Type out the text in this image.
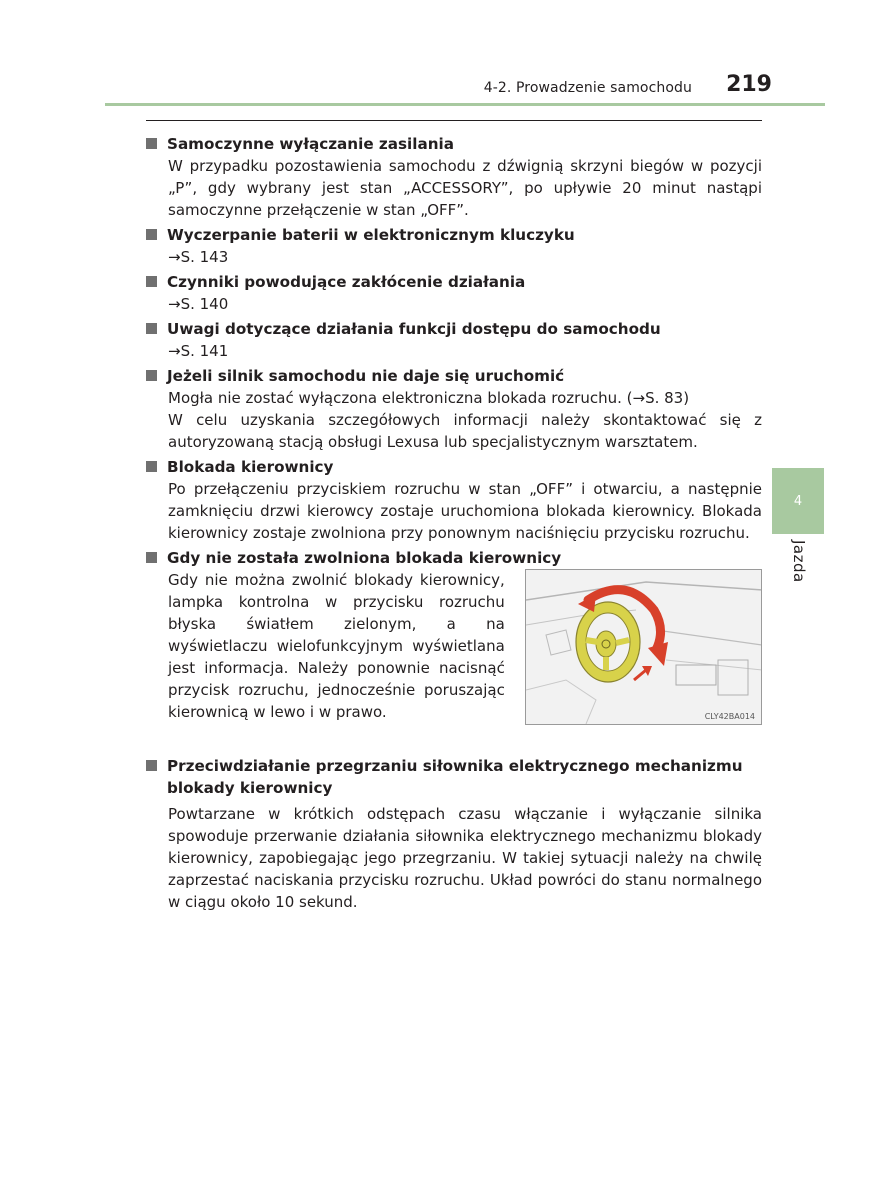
4-2. Prowadzenie samochodu 219
Samoczynne wyłączanie zasilania
W przypadku pozostawienia samochodu z dźwignią skrzyni biegów w pozycji „P”, gdy wybrany jest stan „ACCESSORY”, po upływie 20 minut nastąpi samoczynne przełączenie w stan „OFF”.
Wyczerpanie baterii w elektronicznym kluczyku
→S. 143
Czynniki powodujące zakłócenie działania
→S. 140
Uwagi dotyczące działania funkcji dostępu do samochodu
→S. 141
Jeżeli silnik samochodu nie daje się uruchomić

Mogła nie zostać wyłączona elektroniczna blokada rozruchu. (→S. 83)

W celu uzyskania szczegółowych informacji należy skontaktować się z autoryzowaną stacją obsługi Lexusa lub specjalistycznym warsztatem.

Blokada kierownicy
Po przełączeniu przyciskiem rozruchu w stan „OFF” i otwarciu, a następnie zamknięciu drzwi kierowcy zostaje uruchomiona blokada kierownicy. Blokada kierownicy zostaje zwolniona przy ponownym naciśnięciu przycisku rozruchu.
Gdy nie została zwolniona blokada kierownicy
Gdy nie można zwolnić blokady kierownicy, lampka kontrolna w przycisku rozruchu błyska światłem zielonym, a na wyświetlaczu wielofunkcyjnym wyświetlana jest informacja. Należy ponownie nacisnąć przycisk rozruchu, jednocześnie poruszając kierownicą w lewo i w prawo.	CLY42BA014
Przeciwdziałanie przegrzaniu siłownika elektrycznego mechanizmu blokady kierownicy
Powtarzane w krótkich odstępach czasu włączanie i wyłączanie silnika spowoduje przerwanie działania siłownika elektrycznego mechanizmu blokady kierownicy, zapobiegając jego przegrzaniu. W takiej sytuacji należy na chwilę zaprzestać naciskania przycisku rozruchu. Układ powróci do stanu normalnego w ciągu około 10 sekund.
4
Jazda
